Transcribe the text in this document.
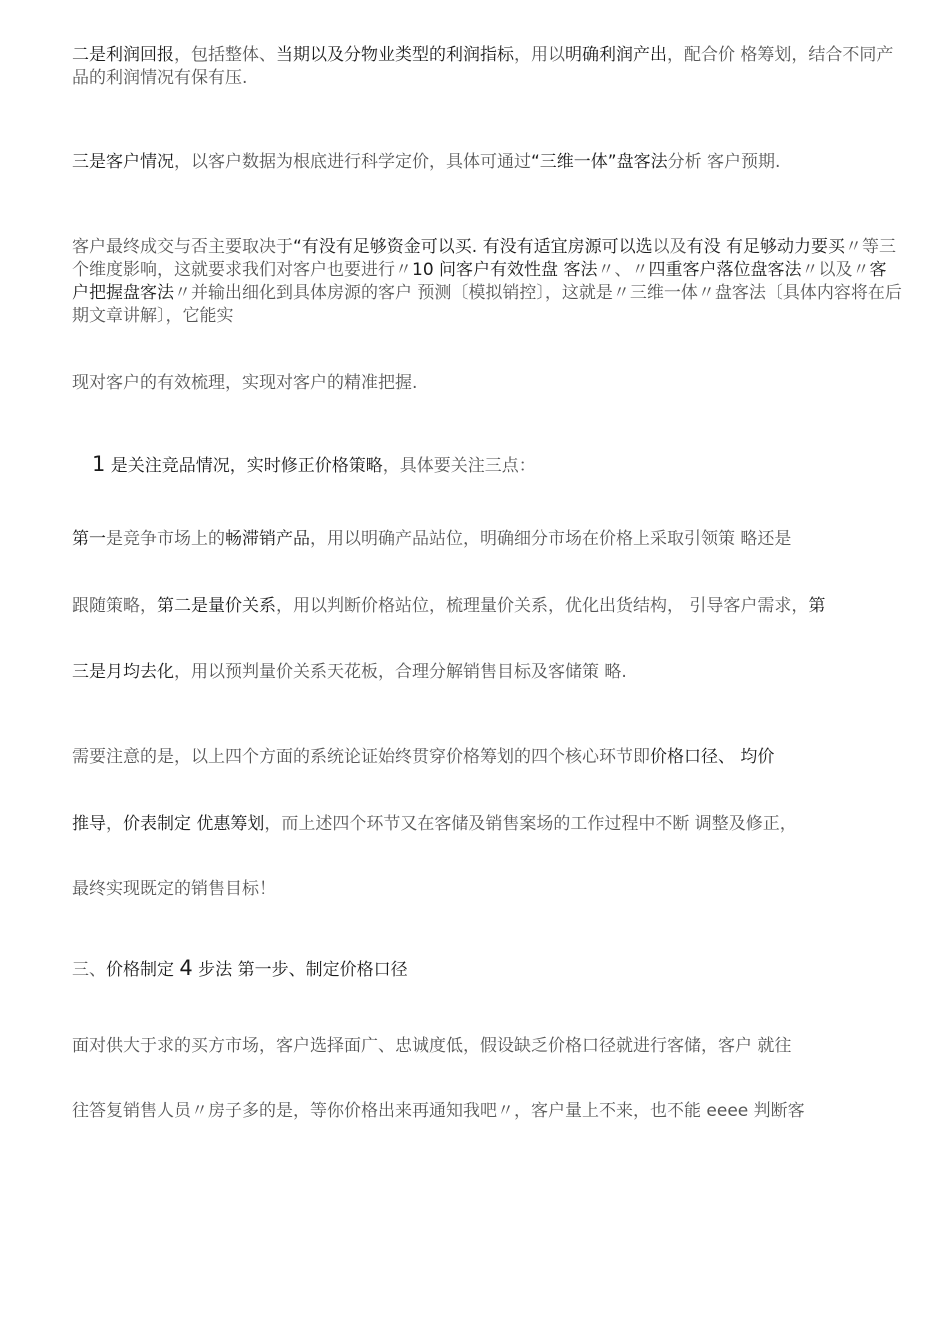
二是利润回报，包括整体、当期以及分物业类型的利润指标，用以明确利润产出，配合价 格筹划，结合不同产品的利润情况有保有压.

三是客户情况，以客户数据为根底进行科学定价，具体可通过“三维一体”盘客法分析 客户预期.

客户最终成交与否主要取决于“有没有足够资金可以买. 有没有适宜房源可以选以及有没 有足够动力要买〃等三个维度影响，这就要求我们对客户也要进行〃10 问客户有效性盘 客法〃、〃四重客户落位盘客法〃以及〃客户把握盘客法〃并输出细化到具体房源的客户 预测〔模拟销控〕，这就是〃三维一体〃盘客法〔具体内容将在后期文章讲解〕，它能实

现对客户的有效梳理，实现对客户的精准把握.

1 是关注竞品情况，实时修正价格策略，具体要关注三点：

第一是竞争市场上的畅滞销产品，用以明确产品站位，明确细分市场在价格上采取引领策 略还是

跟随策略，第二是量价关系，用以判断价格站位，梳理量价关系，优化出货结构， 引导客户需求，第

三是月均去化，用以预判量价关系天花板，合理分解销售目标及客储策 略.

需要注意的是，以上四个方面的系统论证始终贯穿价格筹划的四个核心环节即价格口径、 均价

推导，价表制定 优惠筹划，而上述四个环节又在客储及销售案场的工作过程中不断 调整及修正，

最终实现既定的销售目标！

三、价格制定 4 步法 第一步、制定价格口径

面对供大于求的买方市场，客户选择面广、忠诚度低，假设缺乏价格口径就进行客储，客户 就往

往答复销售人员〃房子多的是，等你价格出来再通知我吧〃，客户量上不来，也不能 eeee 判断客
